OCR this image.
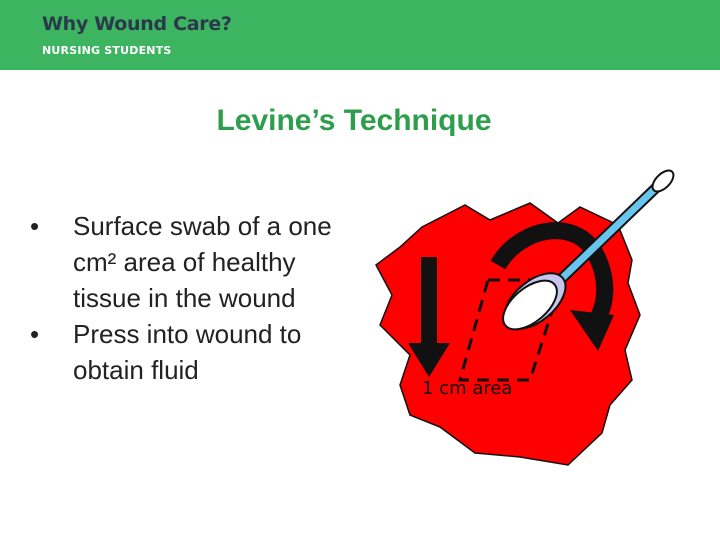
Why Wound Care?
NURSING STUDENTS
Levine’s Technique
• Surface swab of a one cm² area of healthy tissue in the wound
• Press into wound to obtain fluid
1 cm area
